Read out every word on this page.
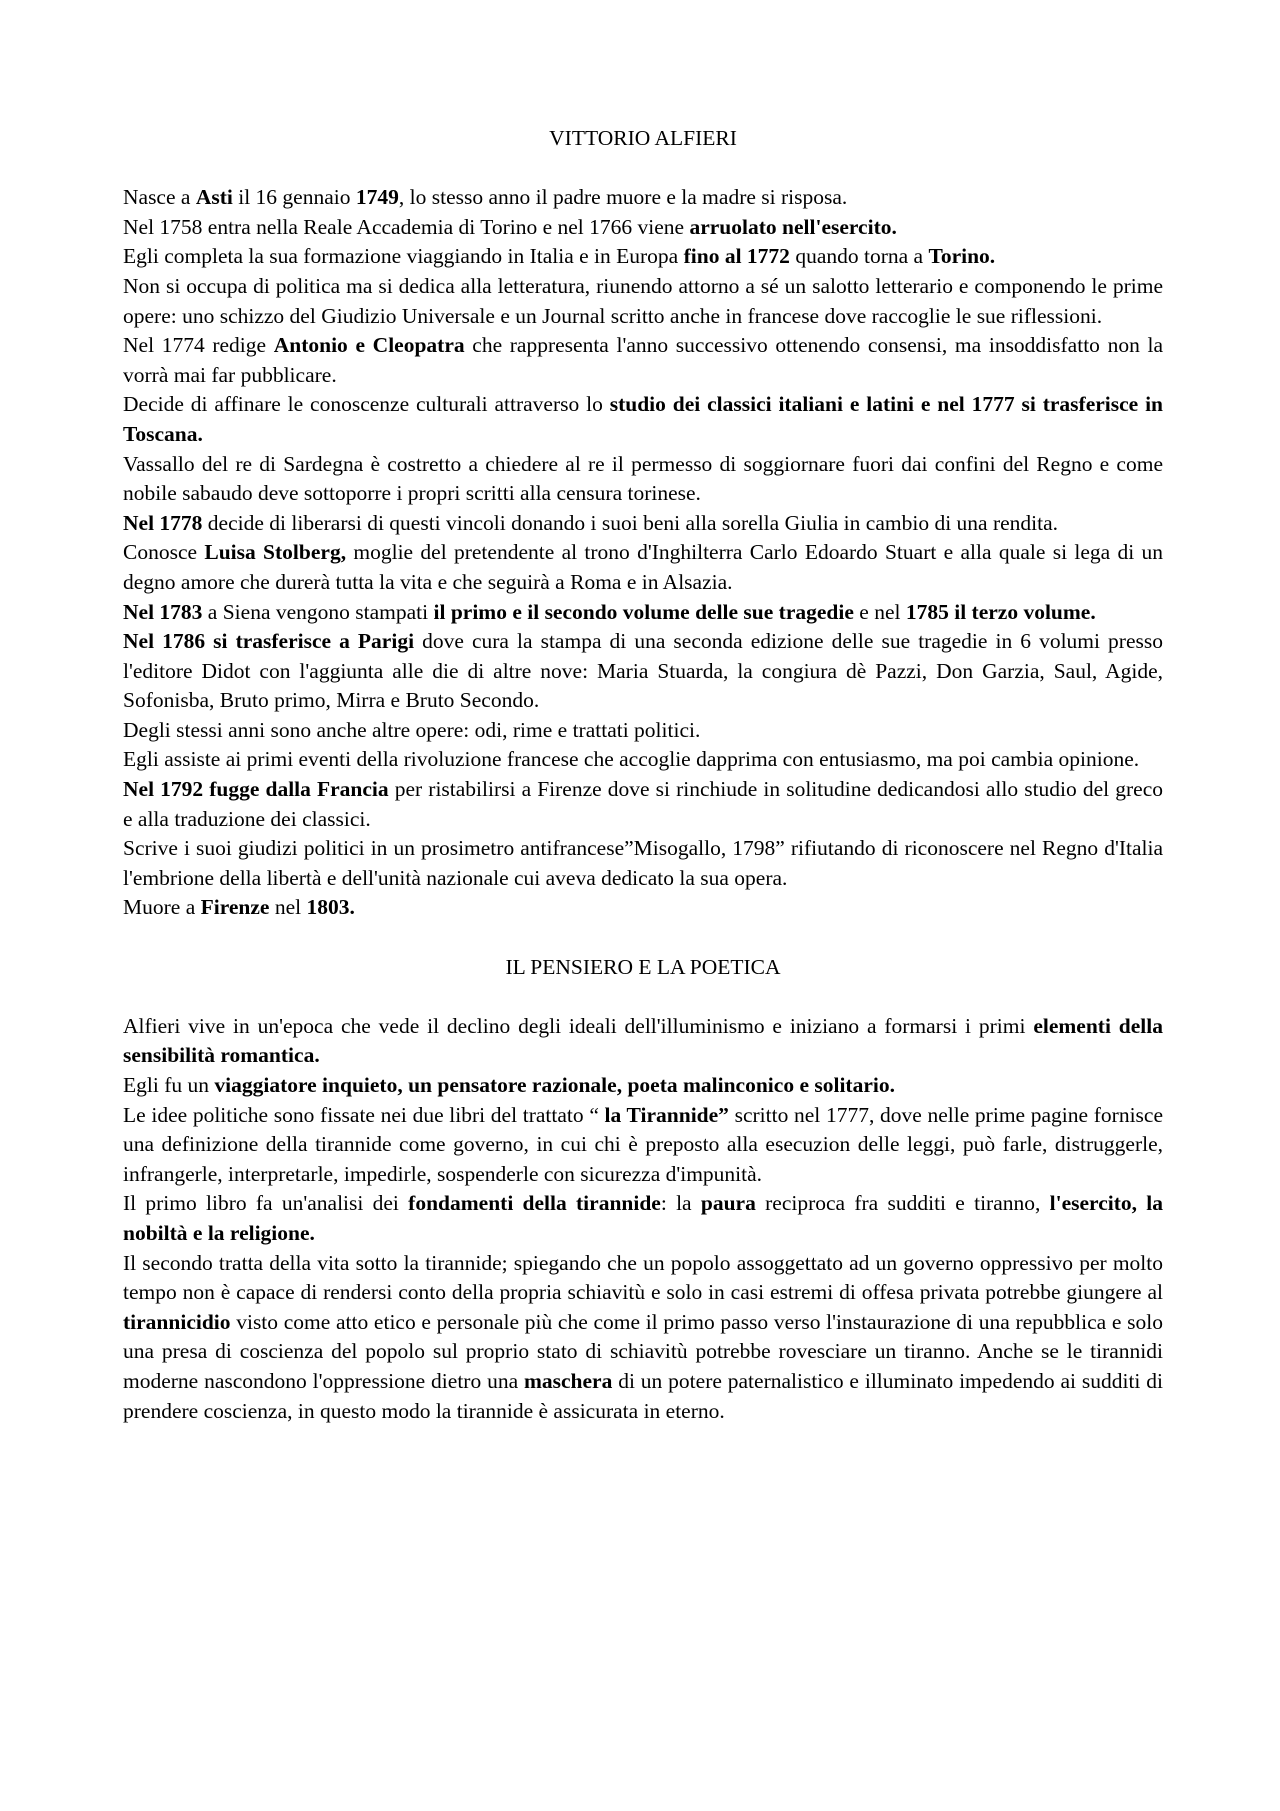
VITTORIO ALFIERI

Nasce a Asti il 16 gennaio 1749, lo stesso anno il padre muore e la madre si risposa.

Nel 1758 entra nella Reale Accademia di Torino e nel 1766 viene arruolato nell'esercito.

Egli completa la sua formazione viaggiando in Italia e in Europa fino al 1772 quando torna a Torino.

Non si occupa di politica ma si dedica alla letteratura, riunendo attorno a sé un salotto letterario e componendo le prime opere: uno schizzo del Giudizio Universale e un Journal scritto anche in francese dove raccoglie le sue riflessioni.

Nel 1774 redige Antonio e Cleopatra che rappresenta l'anno successivo ottenendo consensi, ma insoddisfatto non la vorrà mai far pubblicare.

Decide di affinare le conoscenze culturali attraverso lo studio dei classici italiani e latini e nel 1777 si trasferisce in Toscana.

Vassallo del re di Sardegna è costretto a chiedere al re il permesso di soggiornare fuori dai confini del Regno e come nobile sabaudo deve sottoporre i propri scritti alla censura torinese.

Nel 1778 decide di liberarsi di questi vincoli donando i suoi beni alla sorella Giulia in cambio di una rendita.

Conosce Luisa Stolberg, moglie del pretendente al trono d'Inghilterra Carlo Edoardo Stuart e alla quale si lega di un degno amore che durerà tutta la vita e che seguirà a Roma e in Alsazia.

Nel 1783 a Siena vengono stampati il primo e il secondo volume delle sue tragedie e nel 1785 il terzo volume.

Nel 1786 si trasferisce a Parigi dove cura la stampa di una seconda edizione delle sue tragedie in 6 volumi presso l'editore Didot con l'aggiunta alle die di altre nove: Maria Stuarda, la congiura dè Pazzi, Don Garzia, Saul, Agide, Sofonisba, Bruto primo, Mirra e Bruto Secondo.

Degli stessi anni sono anche altre opere: odi, rime e trattati politici.

Egli assiste ai primi eventi della rivoluzione francese che accoglie dapprima con entusiasmo, ma poi cambia opinione.

Nel 1792 fugge dalla Francia per ristabilirsi a Firenze dove si rinchiude in solitudine dedicandosi allo studio del greco e alla traduzione dei classici.

Scrive i suoi giudizi politici in un prosimetro antifrancese”Misogallo, 1798” rifiutando di riconoscere nel Regno d'Italia l'embrione della libertà e dell'unità nazionale cui aveva dedicato la sua opera.

Muore a Firenze nel 1803.

IL PENSIERO E LA POETICA

Alfieri vive in un'epoca che vede il declino degli ideali dell'illuminismo e iniziano a formarsi i primi elementi della sensibilità romantica.

Egli fu un viaggiatore inquieto, un pensatore razionale, poeta malinconico e solitario.

Le idee politiche sono fissate nei due libri del trattato “ la Tirannide” scritto nel 1777, dove nelle prime pagine fornisce una definizione della tirannide come governo, in cui chi è preposto alla esecuzion delle leggi, può farle, distruggerle, infrangerle, interpretarle, impedirle, sospenderle con sicurezza d'impunità.

Il primo libro fa un'analisi dei fondamenti della tirannide: la paura reciproca fra sudditi e tiranno, l'esercito, la nobiltà e la religione.

Il secondo tratta della vita sotto la tirannide; spiegando che un popolo assoggettato ad un governo oppressivo per molto tempo non è capace di rendersi conto della propria schiavitù e solo in casi estremi di offesa privata potrebbe giungere al tirannicidio visto come atto etico e personale più che come il primo passo verso l'instaurazione di una repubblica e solo una presa di coscienza del popolo sul proprio stato di schiavitù potrebbe rovesciare un tiranno. Anche se le tirannidi moderne nascondono l'oppressione dietro una maschera di un potere paternalistico e illuminato impedendo ai sudditi di prendere coscienza, in questo modo la tirannide è assicurata in eterno.
